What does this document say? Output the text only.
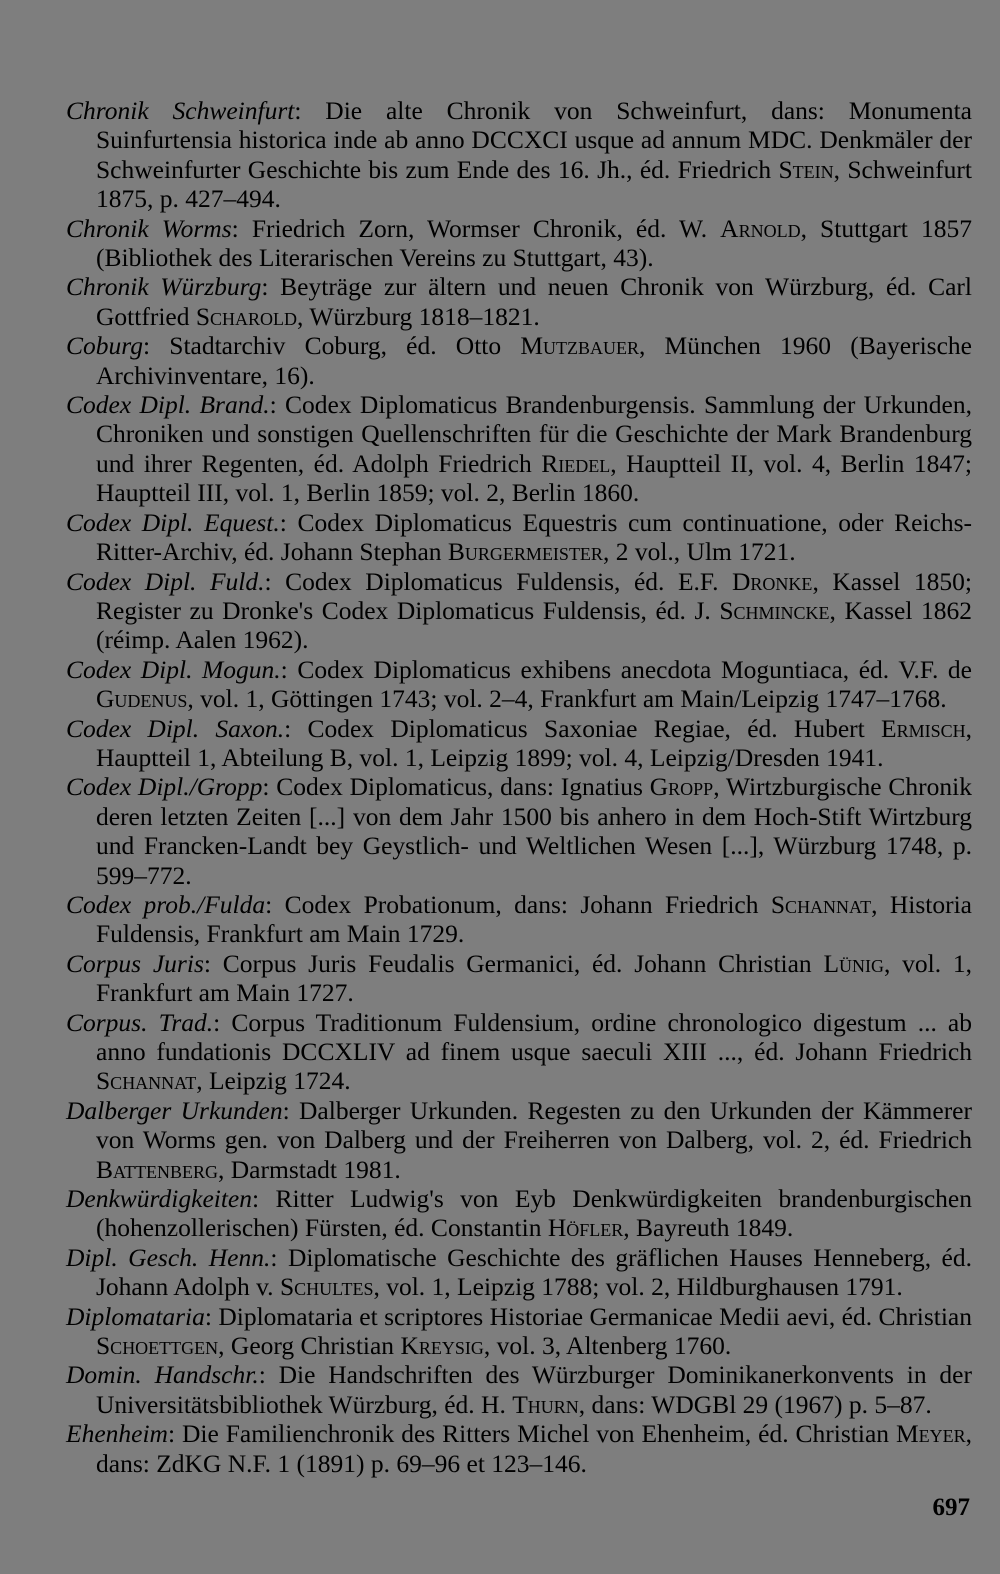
Chronik Schweinfurt: Die alte Chronik von Schweinfurt, dans: Monumenta Suinfurtensia historica inde ab anno DCCXCI usque ad annum MDC. Denkmäler der Schweinfurter Geschichte bis zum Ende des 16. Jh., éd. Friedrich Stein, Schweinfurt 1875, p. 427–494.

Chronik Worms: Friedrich Zorn, Wormser Chronik, éd. W. Arnold, Stuttgart 1857 (Bibliothek des Literarischen Vereins zu Stuttgart, 43).

Chronik Würzburg: Beyträge zur ältern und neuen Chronik von Würzburg, éd. Carl Gottfried Scharold, Würzburg 1818–1821.

Coburg: Stadtarchiv Coburg, éd. Otto Mutzbauer, München 1960 (Bayerische Archivinventare, 16).

Codex Dipl. Brand.: Codex Diplomaticus Brandenburgensis. Sammlung der Urkunden, Chroniken und sonstigen Quellenschriften für die Geschichte der Mark Brandenburg und ihrer Regenten, éd. Adolph Friedrich Riedel, Hauptteil II, vol. 4, Berlin 1847; Hauptteil III, vol. 1, Berlin 1859; vol. 2, Berlin 1860.

Codex Dipl. Equest.: Codex Diplomaticus Equestris cum continuatione, oder Reichs-Ritter-Archiv, éd. Johann Stephan Burgermeister, 2 vol., Ulm 1721.

Codex Dipl. Fuld.: Codex Diplomaticus Fuldensis, éd. E.F. Dronke, Kassel 1850; Register zu Dronke's Codex Diplomaticus Fuldensis, éd. J. Schmincke, Kassel 1862 (réimp. Aalen 1962).

Codex Dipl. Mogun.: Codex Diplomaticus exhibens anecdota Moguntiaca, éd. V.F. de Gudenus, vol. 1, Göttingen 1743; vol. 2–4, Frankfurt am Main/Leipzig 1747–1768.

Codex Dipl. Saxon.: Codex Diplomaticus Saxoniae Regiae, éd. Hubert Ermisch, Hauptteil 1, Abteilung B, vol. 1, Leipzig 1899; vol. 4, Leipzig/Dresden 1941.

Codex Dipl./Gropp: Codex Diplomaticus, dans: Ignatius Gropp, Wirtzburgische Chronik deren letzten Zeiten [...] von dem Jahr 1500 bis anhero in dem Hoch-Stift Wirtzburg und Francken-Landt bey Geystlich- und Weltlichen Wesen [...], Würzburg 1748, p. 599–772.

Codex prob./Fulda: Codex Probationum, dans: Johann Friedrich Schannat, Historia Fuldensis, Frankfurt am Main 1729.

Corpus Juris: Corpus Juris Feudalis Germanici, éd. Johann Christian Lünig, vol. 1, Frankfurt am Main 1727.

Corpus. Trad.: Corpus Traditionum Fuldensium, ordine chronologico digestum ... ab anno fundationis DCCXLIV ad finem usque saeculi XIII ..., éd. Johann Friedrich Schannat, Leipzig 1724.

Dalberger Urkunden: Dalberger Urkunden. Regesten zu den Urkunden der Kämmerer von Worms gen. von Dalberg und der Freiherren von Dalberg, vol. 2, éd. Friedrich Battenberg, Darmstadt 1981.

Denkwürdigkeiten: Ritter Ludwig's von Eyb Denkwürdigkeiten brandenburgischen (hohenzollerischen) Fürsten, éd. Constantin Höfler, Bayreuth 1849.

Dipl. Gesch. Henn.: Diplomatische Geschichte des gräflichen Hauses Henneberg, éd. Johann Adolph v. Schultes, vol. 1, Leipzig 1788; vol. 2, Hildburghausen 1791.

Diplomataria: Diplomataria et scriptores Historiae Germanicae Medii aevi, éd. Christian Schoettgen, Georg Christian Kreysig, vol. 3, Altenberg 1760.

Domin. Handschr.: Die Handschriften des Würzburger Dominikanerkonvents in der Universitätsbibliothek Würzburg, éd. H. Thurn, dans: WDGBl 29 (1967) p. 5–87.

Ehenheim: Die Familienchronik des Ritters Michel von Ehenheim, éd. Christian Meyer, dans: ZdKG N.F. 1 (1891) p. 69–96 et 123–146.

697
